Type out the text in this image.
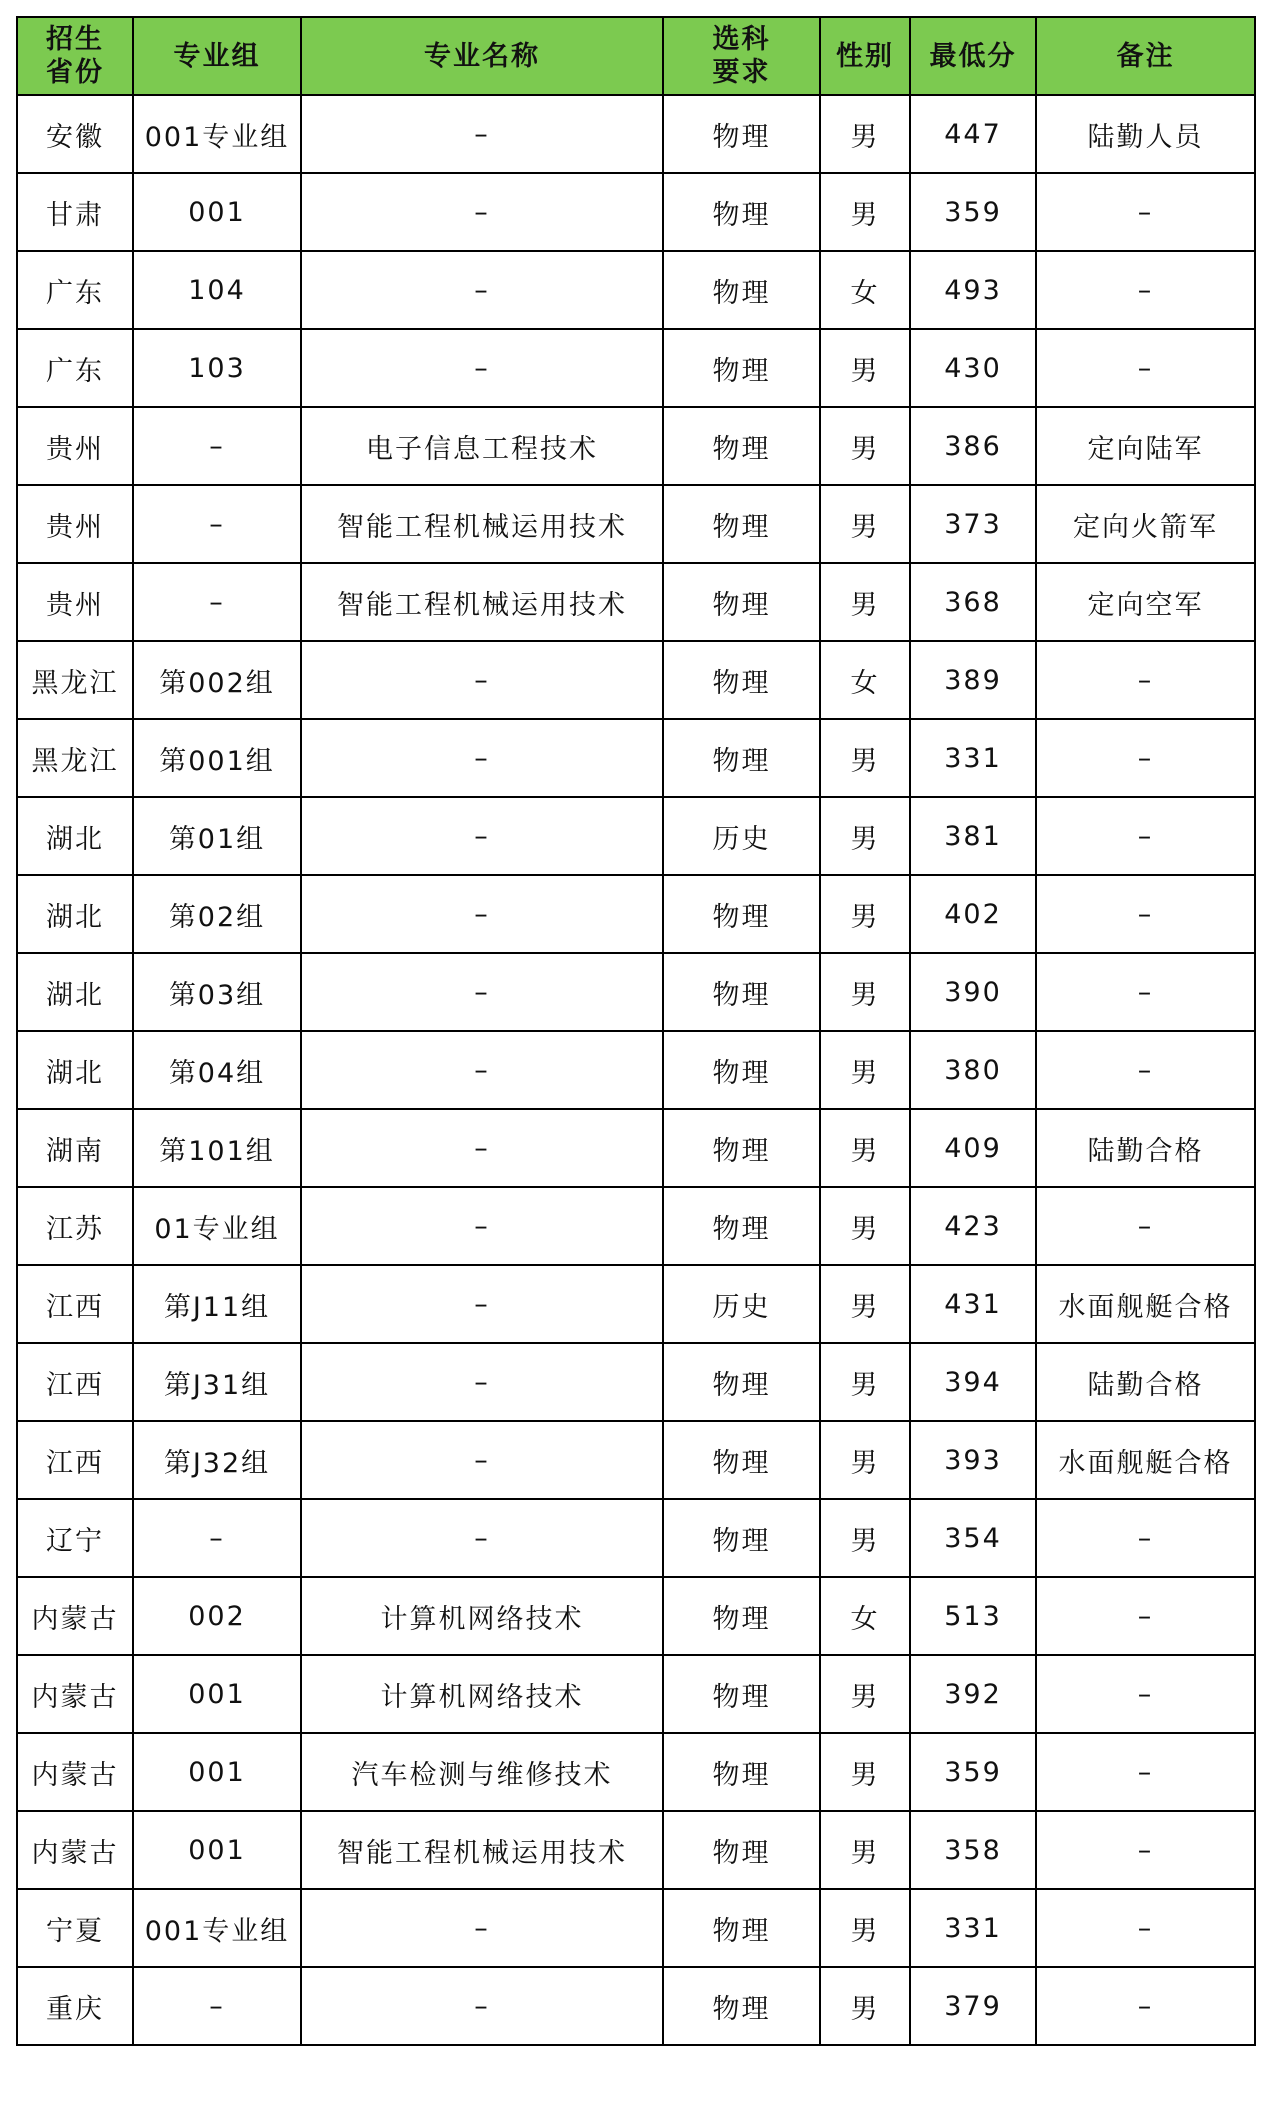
招生省份	专业组	专业名称	选科要求	性别	最低分	备注
安徽	001专业组	–	物理	男	447	陆勤人员
甘肃	001	–	物理	男	359	–
广东	104	–	物理	女	493	–
广东	103	–	物理	男	430	–
贵州	–	电子信息工程技术	物理	男	386	定向陆军
贵州	–	智能工程机械运用技术	物理	男	373	定向火箭军
贵州	–	智能工程机械运用技术	物理	男	368	定向空军
黑龙江	第002组	–	物理	女	389	–
黑龙江	第001组	–	物理	男	331	–
湖北	第01组	–	历史	男	381	–
湖北	第02组	–	物理	男	402	–
湖北	第03组	–	物理	男	390	–
湖北	第04组	–	物理	男	380	–
湖南	第101组	–	物理	男	409	陆勤合格
江苏	01专业组	–	物理	男	423	–
江西	第J11组	–	历史	男	431	水面舰艇合格
江西	第J31组	–	物理	男	394	陆勤合格
江西	第J32组	–	物理	男	393	水面舰艇合格
辽宁	–	–	物理	男	354	–
内蒙古	002	计算机网络技术	物理	女	513	–
内蒙古	001	计算机网络技术	物理	男	392	–
内蒙古	001	汽车检测与维修技术	物理	男	359	–
内蒙古	001	智能工程机械运用技术	物理	男	358	–
宁夏	001专业组	–	物理	男	331	–
重庆	–	–	物理	男	379	–
